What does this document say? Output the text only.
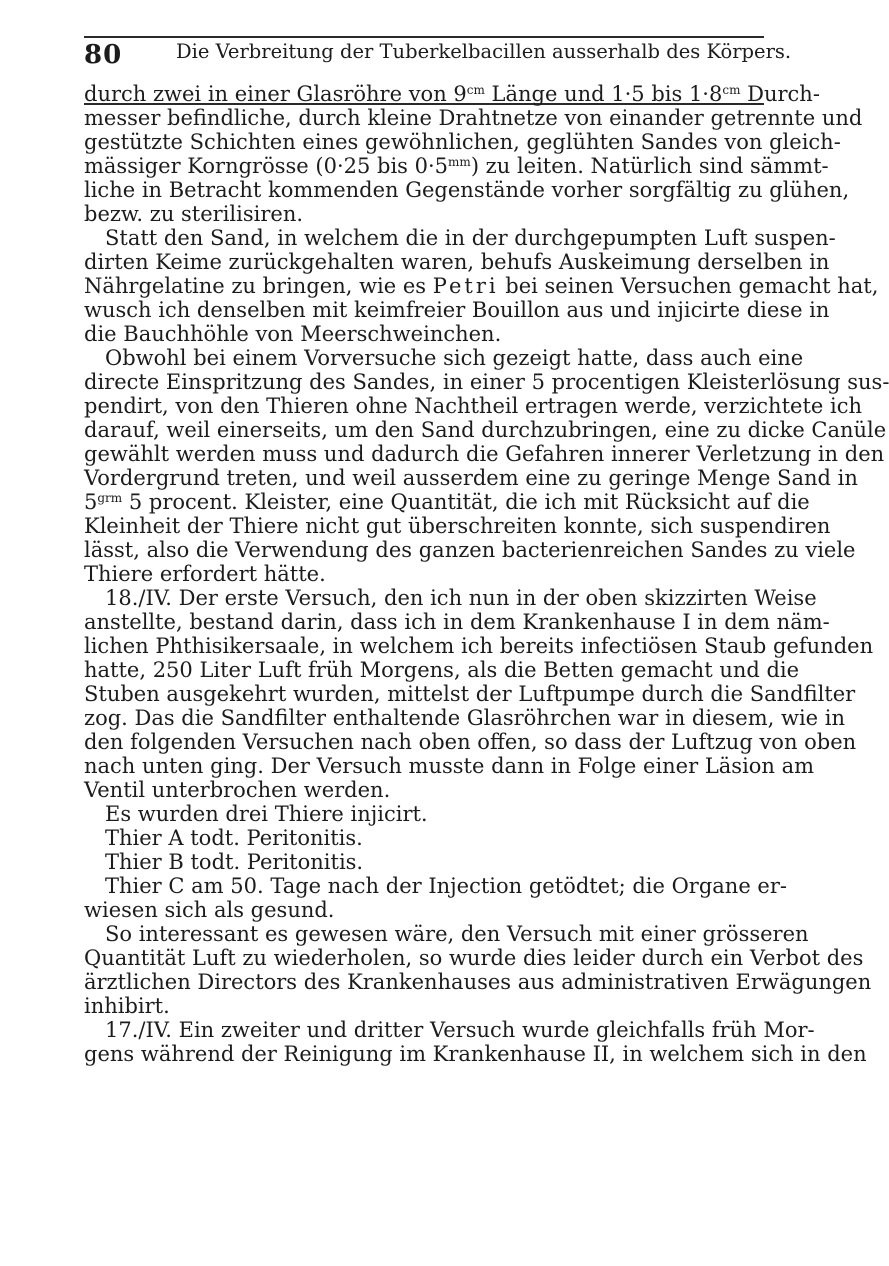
80	Die Verbreitung der Tuberkelbacillen ausserhalb des Körpers.
durch zwei in einer Glasröhre von $9^{cm}$ Länge und 1·5 bis $1\cdot 8^{cm}$ Durch-
messer befindliche, durch kleine Drahtnetze von einander getrennte und
gestützte Schichten eines gewöhnlichen, geglühten Sandes von gleich-
mässiger Korngrösse (0·25 bis $0\cdot 5^{mm}$) zu leiten. Natürlich sind sämmt-
liche in Betracht kommenden Gegenstände vorher sorgfältig zu glühen,
bezw. zu sterilisiren.
Statt den Sand, in welchem die in der durchgepumpten Luft suspen-
dirten Keime zurückgehalten waren, behufs Auskeimung derselben in
Nährgelatine zu bringen, wie es Petri bei seinen Versuchen gemacht hat,
wusch ich denselben mit keimfreier Bouillon aus und injicirte diese in
die Bauchhöhle von Meerschweinchen.
Obwohl bei einem Vorversuche sich gezeigt hatte, dass auch eine
directe Einspritzung des Sandes, in einer 5 procentigen Kleisterlösung sus-
pendirt, von den Thieren ohne Nachtheil ertragen werde, verzichtete ich
darauf, weil einerseits, um den Sand durchzubringen, eine zu dicke Canüle
gewählt werden muss und dadurch die Gefahren innerer Verletzung in den
Vordergrund treten, und weil ausserdem eine zu geringe Menge Sand in
$5^{grm}$ 5 procent. Kleister, eine Quantität, die ich mit Rücksicht auf die
Kleinheit der Thiere nicht gut überschreiten konnte, sich suspendiren
lässt, also die Verwendung des ganzen bacterienreichen Sandes zu viele
Thiere erfordert hätte.
18./IV. Der erste Versuch, den ich nun in der oben skizzirten Weise
anstellte, bestand darin, dass ich in dem Krankenhause I in dem näm-
lichen Phthisikersaale, in welchem ich bereits infectiösen Staub gefunden
hatte, 250 Liter Luft früh Morgens, als die Betten gemacht und die
Stuben ausgekehrt wurden, mittelst der Luftpumpe durch die Sandfilter
zog. Das die Sandfilter enthaltende Glasröhrchen war in diesem, wie in
den folgenden Versuchen nach oben offen, so dass der Luftzug von oben
nach unten ging. Der Versuch musste dann in Folge einer Läsion am
Ventil unterbrochen werden.
Es wurden drei Thiere injicirt.
Thier A todt. Peritonitis.
Thier B todt. Peritonitis.
Thier C am 50. Tage nach der Injection getödtet; die Organe er-
wiesen sich als gesund.
So interessant es gewesen wäre, den Versuch mit einer grösseren
Quantität Luft zu wiederholen, so wurde dies leider durch ein Verbot des
ärztlichen Directors des Krankenhauses aus administrativen Erwägungen
inhibirt.
17./IV. Ein zweiter und dritter Versuch wurde gleichfalls früh Mor-
gens während der Reinigung im Krankenhause II, in welchem sich in den
